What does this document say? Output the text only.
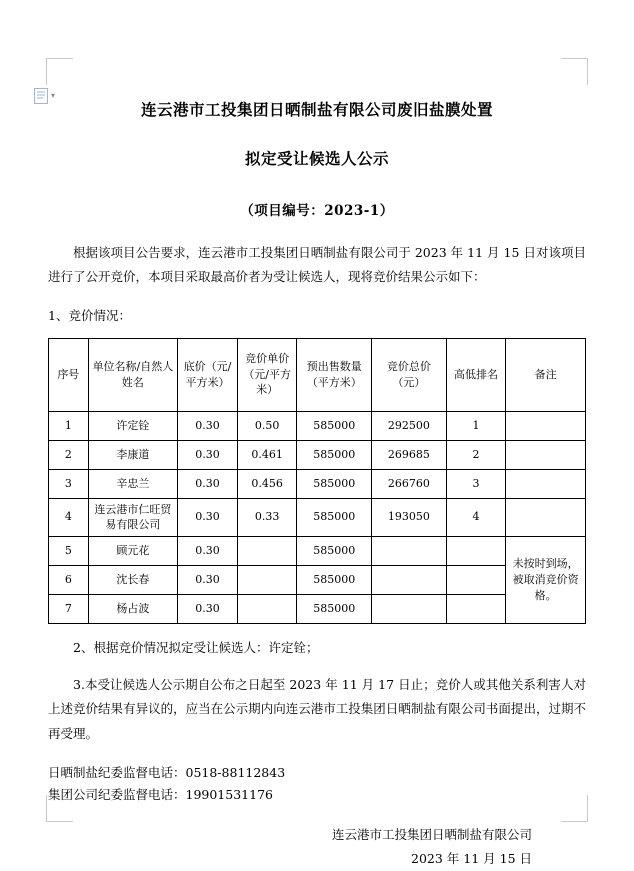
▾
连云港市工投集团日晒制盐有限公司废旧盐膜处置
拟定受让候选人公示
（项目编号：2023-1）

根据该项目公告要求，连云港市工投集团日晒制盐有限公司于 2023 年 11 月 15 日对该项目进行了公开竞价，本项目采取最高价者为受让候选人，现将竞价结果公示如下：

1、竞价情况：
序号	单位名称/自然人姓名	底价（元/平方米）	竞价单价（元/平方米）	预出售数量（平方米）	竞价总价（元）	高低排名	备注
1	许定铨	0.30	0.50	585000	292500	1	
2	李康道	0.30	0.461	585000	269685	2	
3	辛忠兰	0.30	0.456	585000	266760	3	
4	连云港市仁旺贸易有限公司	0.30	0.33	585000	193050	4	
5	顾元花	0.30		585000			未按时到场，被取消竞价资格。
6	沈长春	0.30		585000			
7	杨占波	0.30		585000			

2、根据竞价情况拟定受让候选人：许定铨；

3.本受让候选人公示期自公布之日起至 2023 年 11 月 17 日止；竞价人或其他关系利害人对上述竞价结果有异议的，应当在公示期内向连云港市工投集团日晒制盐有限公司书面提出，过期不再受理。

日晒制盐纪委监督电话：0518-88112843
集团公司纪委监督电话：19901531176
连云港市工投集团日晒制盐有限公司
2023 年 11 月 15 日
